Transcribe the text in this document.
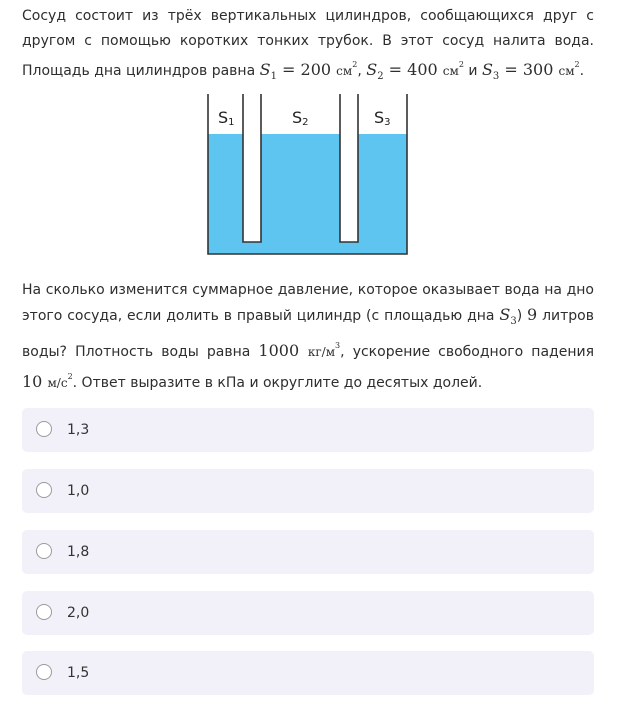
Сосуд состоит из трёх вертикальных цилиндров, сообщающихся друг с другом с помощью коротких тонких трубок. В этот сосуд налита вода. Площадь дна цилиндров равна $S_1 = 200$ $см^2$, $S_2 = 400$ $см^2$ и $S_3 = 300$ $см^2$.

S1	S2	S3

На сколько изменится суммарное давление, которое оказывает вода на дно этого сосуда, если долить в правый цилиндр (с площадью дна $S_3$) 9 литров воды? Плотность воды равна 1000 $кг/м^3$, ускорение свободного падения 10 $м/с^2$. Ответ выразите в кПа и округлите до десятых долей.

1,3
1,0
1,8
2,0
1,5
